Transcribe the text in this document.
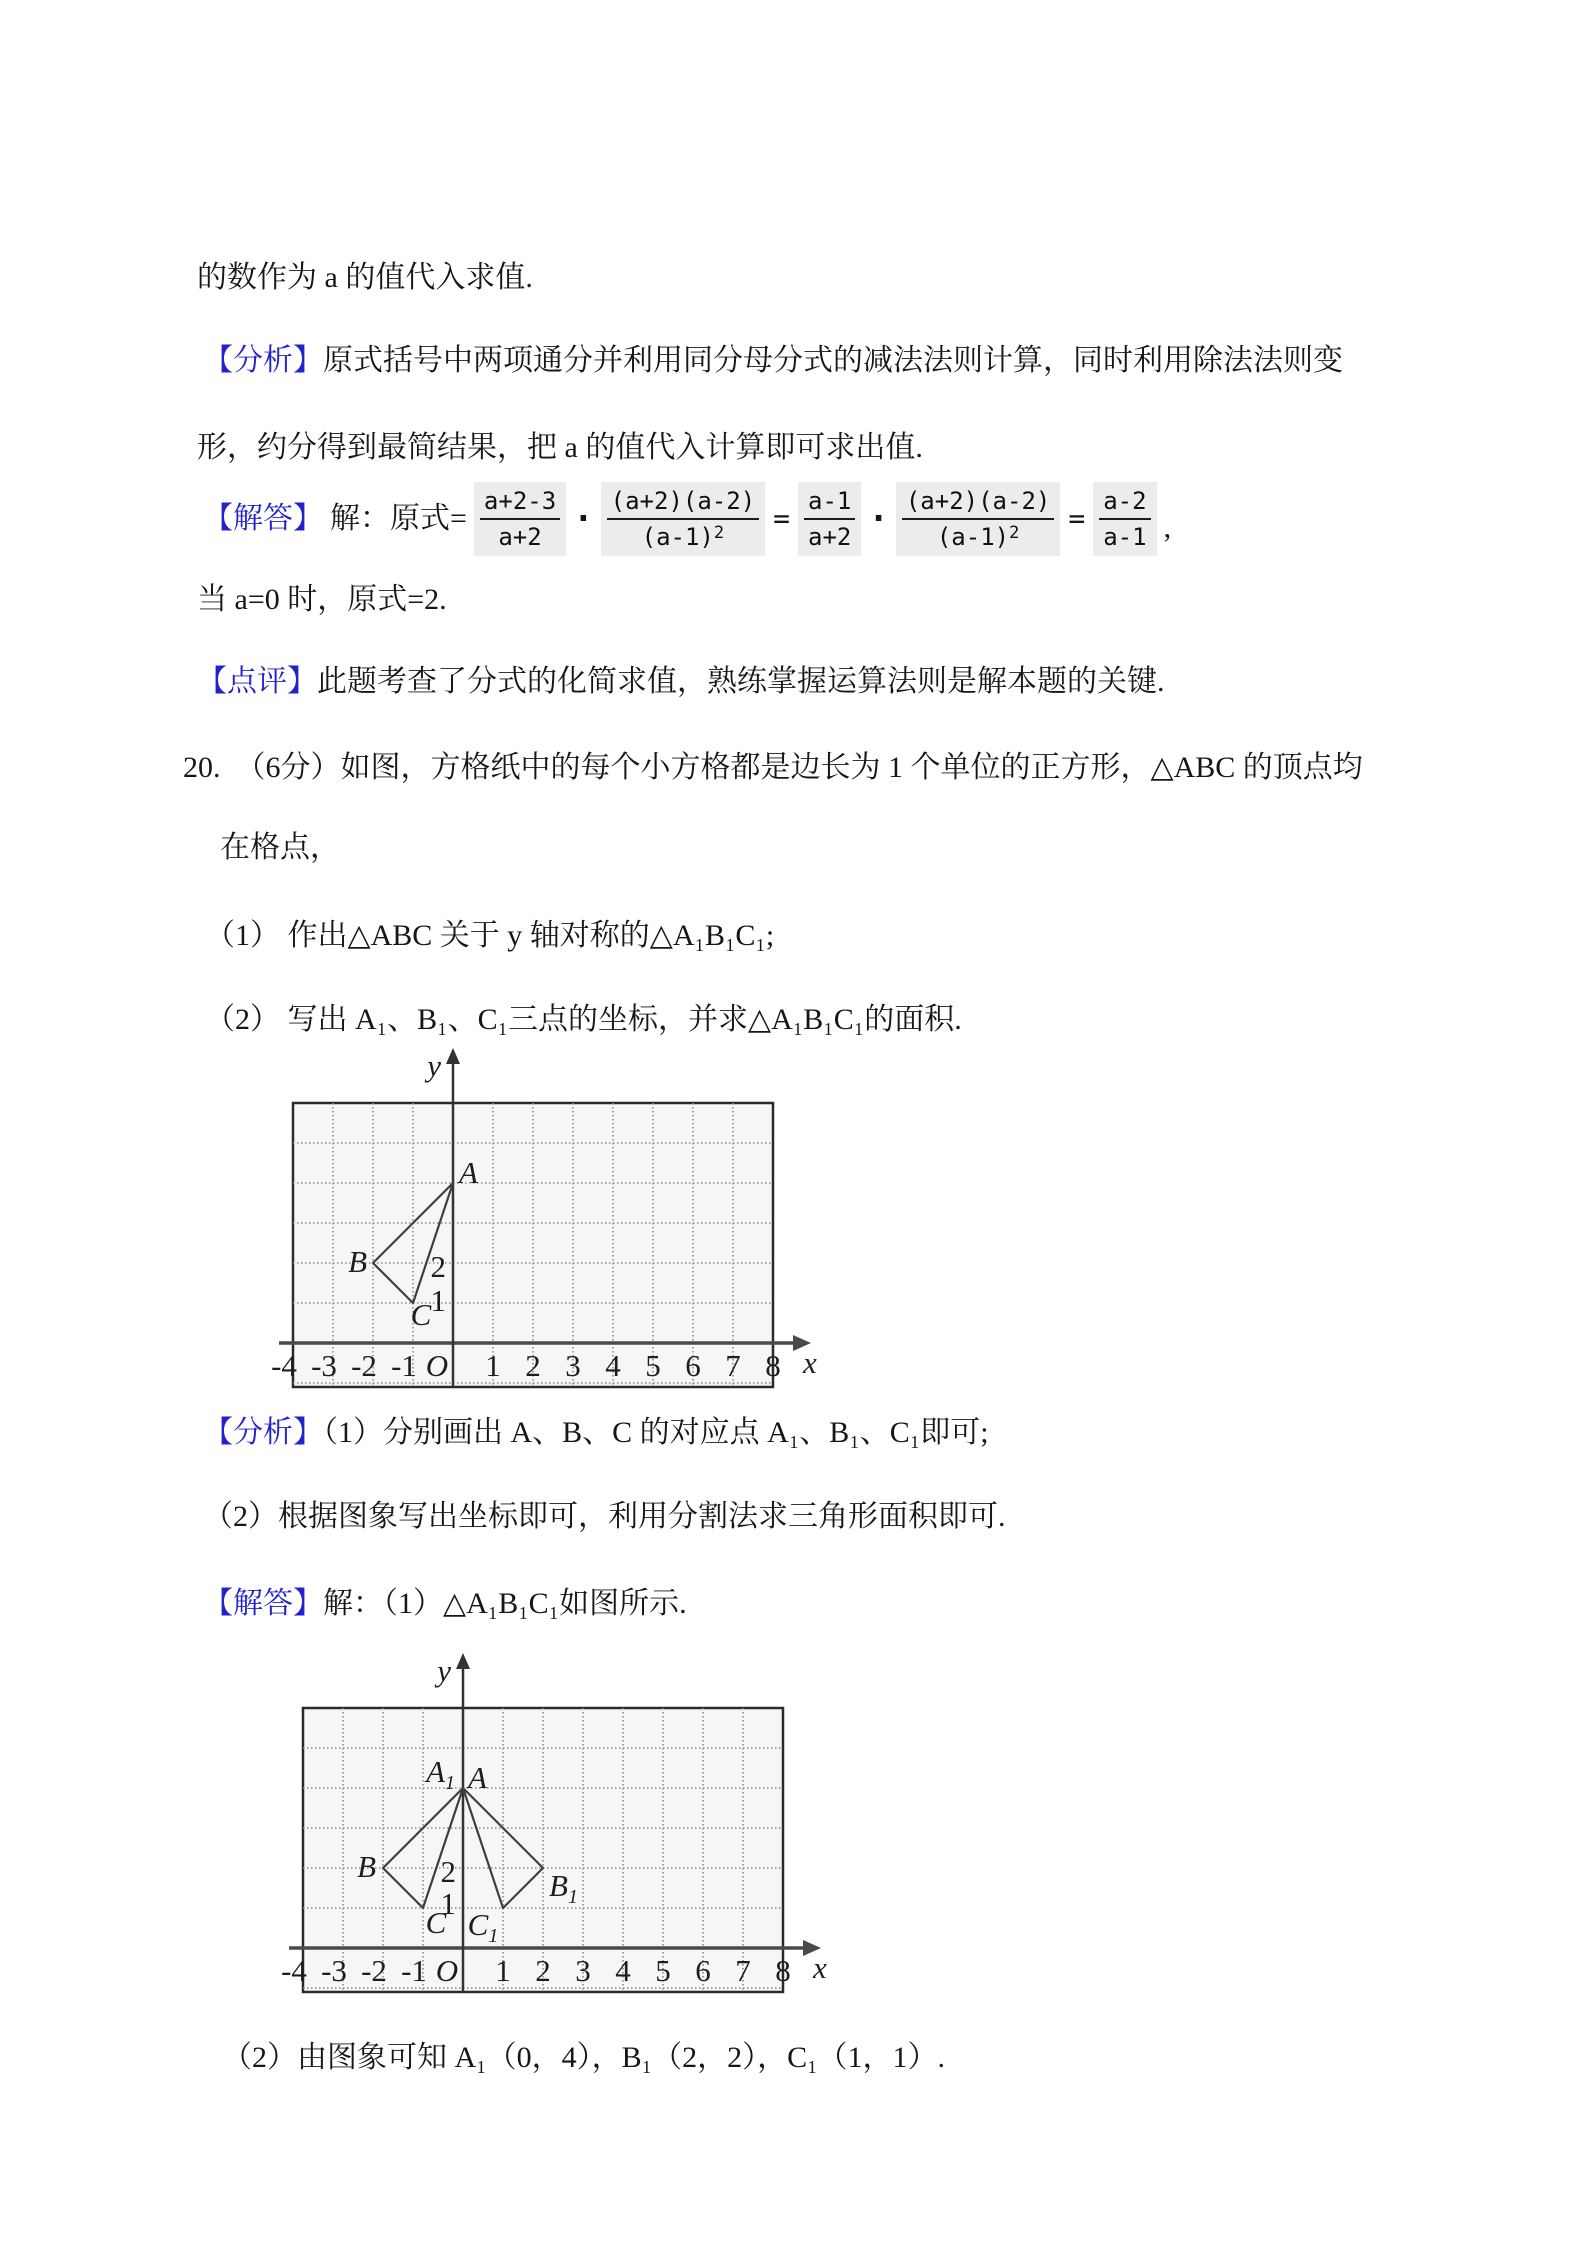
的数作为 a 的值代入求值.
【分析】原式括号中两项通分并利用同分母分式的减法法则计算，同时利用除法法则变
形，约分得到最简结果，把 a 的值代入计算即可求出值.
【解答】 解：原式= $\frac{a+2-3}{a+2} \cdot \frac{(a+2)(a-2)}{(a-1)^2} = \frac{a-1}{a+2} \cdot \frac{(a+2)(a-2)}{(a-1)^2} = \frac{a-2}{a-1}$ ,
当 a=0 时，原式=2.
【点评】此题考查了分式的化简求值，熟练掌握运算法则是解本题的关键.
20.  （6分）如图，方格纸中的每个小方格都是边长为 1 个单位的正方形，△ABC 的顶点均
在格点，
（1） 作出△ABC 关于 y 轴对称的△A₁B₁C₁;
（2） 写出 A₁、B₁、C₁三点的坐标，并求△A₁B₁C₁的面积.
y
x
O
-4 -3 -2 -1 1 2 3 4 5 6 7 8
2
1
A
B
C
【分析】（1）分别画出 A、B、C 的对应点 A₁、B₁、C₁即可;
（2）根据图象写出坐标即可，利用分割法求三角形面积即可.
【解答】解：（1）△A₁B₁C₁如图所示.
y
x
O
-4 -3 -2 -1 1 2 3 4 5 6 7 8
2
1
A
B
C
$A_1$
$B_1$
$C_1$
（2）由图象可知 A₁（0，4），B₁（2，2），C₁（1，1）.
